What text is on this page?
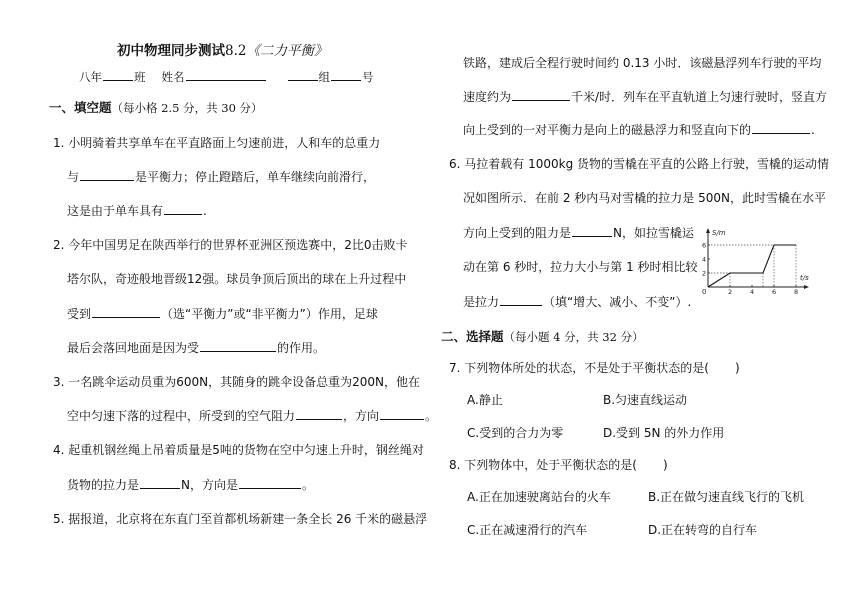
初中物理同步测试8.2《二力平衡》
八年	班 姓名	组	号
一、填空题（每小格 2.5 分，共 30 分）
1. 小明骑着共享单车在平直路面上匀速前进，人和车的总重力
与	是平衡力；停止蹬踏后，单车继续向前滑行，
这是由于单车具有	.
2. 今年中国男足在陕西举行的世界杯亚洲区预选赛中，2比0击败卡
塔尔队，奇迹般地晋级12强。球员争顶后顶出的球在上升过程中
受到	（选“平衡力”或“非平衡力”）作用，足球
最后会落回地面是因为受	的作用。
3. 一名跳伞运动员重为600N，其随身的跳伞设备总重为200N，他在
空中匀速下落的过程中，所受到的空气阻力	，方向	。
4. 起重机钢丝绳上吊着质量是5吨的货物在空中匀速上升时，钢丝绳对
货物的拉力是	N，方向是	。
5. 据报道，北京将在东直门至首都机场新建一条全长 26 千米的磁悬浮
铁路，建成后全程行驶时间约 0.13 小时．该磁悬浮列车行驶的平均
速度约为	千米/时．列车在平直轨道上匀速行驶时，竖直方
向上受到的一对平衡力是向上的磁悬浮力和竖直向下的	.
6. 马拉着载有 1000kg 货物的雪橇在平直的公路上行驶，雪橇的运动情
况如图所示．在前 2 秒内马对雪橇的拉力是 500N，此时雪橇在水平
方向上受到的阻力是	N，如拉雪橇运
动在第 6 秒时，拉力大小与第 1 秒时相比较
是拉力	（填“增大、减小、不变”）.
2
4
6
2	4	6	8
S/m
t/s
0
二、选择题（每小题 4 分，共 32 分）
7. 下列物体所处的状态，不是处于平衡状态的是( )
A.静止	B.匀速直线运动
C.受到的合力为零	D.受到 5N 的外力作用
8. 下列物体中，处于平衡状态的是( )
A.正在加速驶离站台的火车	B.正在做匀速直线飞行的飞机
C.正在减速滑行的汽车	D.正在转弯的自行车
